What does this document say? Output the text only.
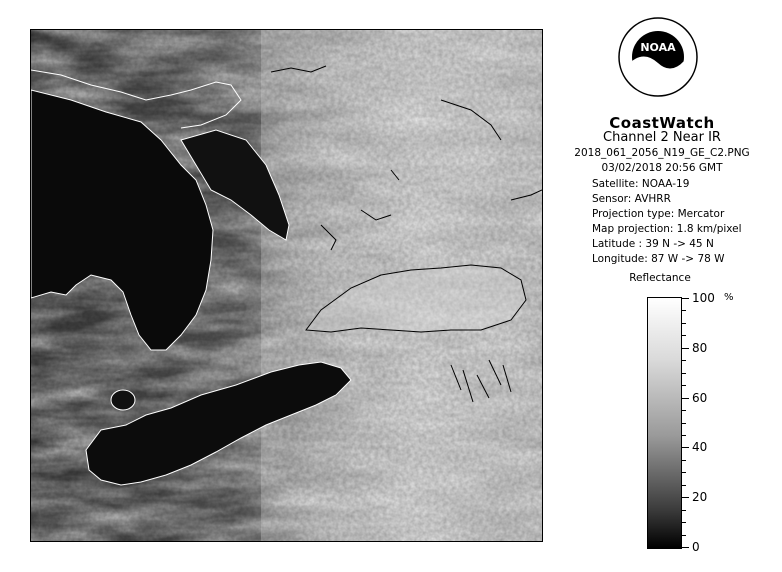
NOAA
CoastWatch
Channel 2 Near IR
2018_061_2056_N19_GE_C2.PNG
03/02/2018 20:56 GMT
Satellite: NOAA-19
Sensor: AVHRR
Projection type: Mercator
Map projection: 1.8 km/pixel
Latitude : 39 N -> 45 N
Longitude: 87 W -> 78 W
Reflectance
%
0
20
40
60
80
100
